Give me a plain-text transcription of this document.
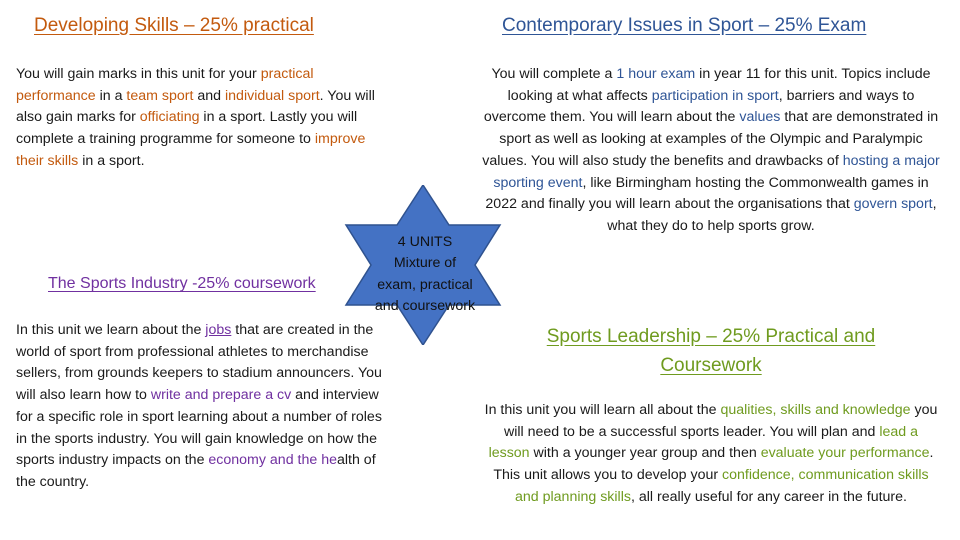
Developing Skills – 25% practical

You will gain marks in this unit for your practical performance in a team sport and individual sport. You will also gain marks for officiating in a sport. Lastly you will complete a training programme for someone to improve their skills in a sport.

Contemporary Issues in Sport – 25% Exam

You will complete a 1 hour exam in year 11 for this unit. Topics include looking at what affects participation in sport, barriers and ways to overcome them. You will learn about the values that are demonstrated in sport as well as looking at examples of the Olympic and Paralympic values. You will also study the benefits and drawbacks of hosting a major sporting event, like Birmingham hosting the Commonwealth games in 2022 and finally you will learn about the organisations that govern sport, what they do to help sports grow.

4 UNITS
Mixture of
exam, practical
and coursework
The Sports Industry -25% coursework

In this unit we learn about the jobs that are created in the world of sport from professional athletes to merchandise sellers, from grounds keepers to stadium announcers. You will also learn how to write and prepare a cv and interview for a specific role in sport learning about a number of roles in the sports industry. You will gain knowledge on how the sports industry impacts on the economy and the health of the country.

Sports Leadership – 25% Practical and
Coursework

In this unit you will learn all about the qualities, skills and knowledge you will need to be a successful sports leader. You will plan and lead a lesson with a younger year group and then evaluate your performance. This unit allows you to develop your confidence, communication skills and planning skills, all really useful for any career in the future.
